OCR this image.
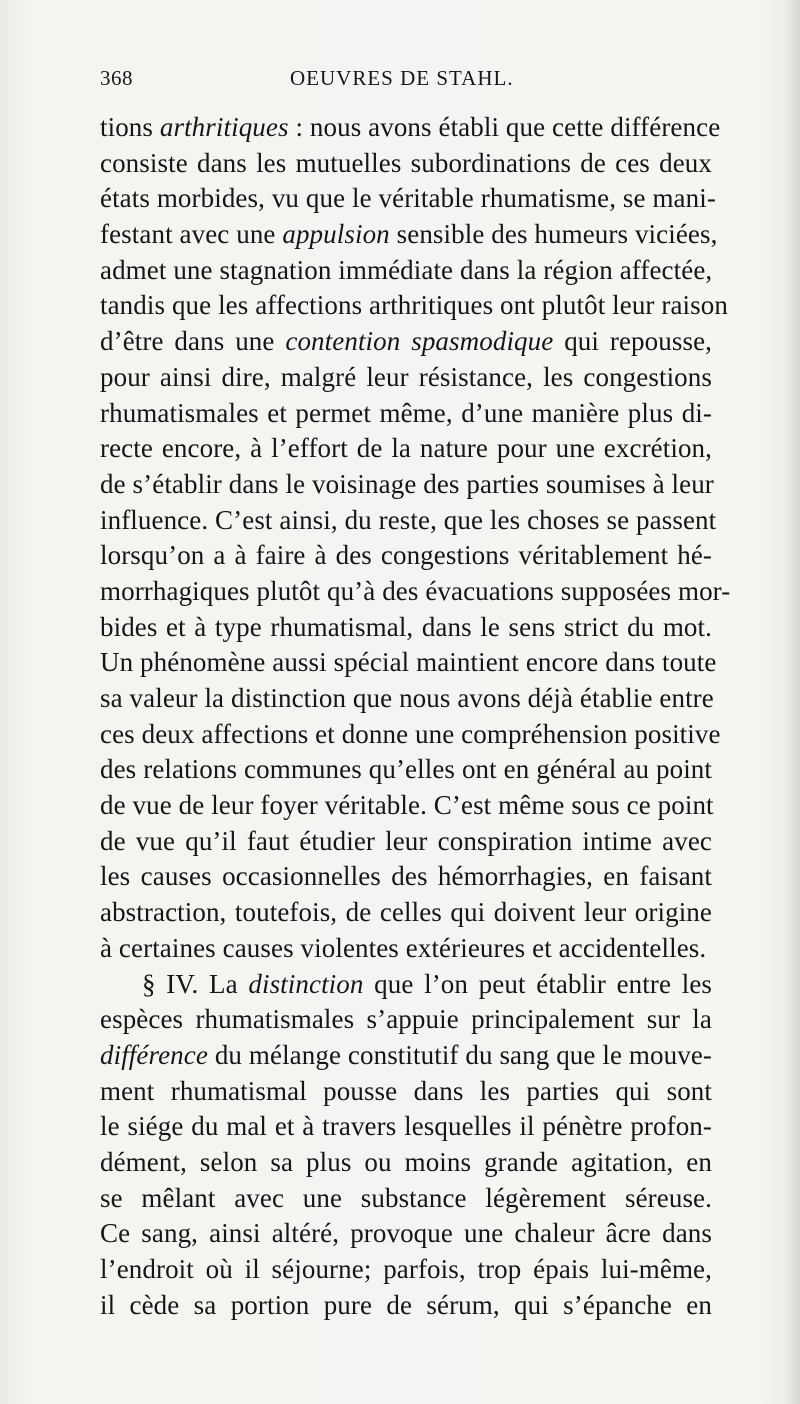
368	OEUVRES DE STAHL.
tions arthritiques : nous avons établi que cette différence
consiste dans les mutuelles subordinations de ces deux
états morbides, vu que le véritable rhumatisme, se mani-
festant avec une appulsion sensible des humeurs viciées,
admet une stagnation immédiate dans la région affectée,
tandis que les affections arthritiques ont plutôt leur raison
d’être dans une contention spasmodique qui repousse,
pour ainsi dire, malgré leur résistance, les congestions
rhumatismales et permet même, d’une manière plus di-
recte encore, à l’effort de la nature pour une excrétion,
de s’établir dans le voisinage des parties soumises à leur
influence. C’est ainsi, du reste, que les choses se passent
lorsqu’on a à faire à des congestions véritablement hé-
morrhagiques plutôt qu’à des évacuations supposées mor-
bides et à type rhumatismal, dans le sens strict du mot.
Un phénomène aussi spécial maintient encore dans toute
sa valeur la distinction que nous avons déjà établie entre
ces deux affections et donne une compréhension positive
des relations communes qu’elles ont en général au point
de vue de leur foyer véritable. C’est même sous ce point
de vue qu’il faut étudier leur conspiration intime avec
les causes occasionnelles des hémorrhagies, en faisant
abstraction, toutefois, de celles qui doivent leur origine
à certaines causes violentes extérieures et accidentelles.
§ IV. La distinction que l’on peut établir entre les
espèces rhumatismales s’appuie principalement sur la
différence du mélange constitutif du sang que le mouve-
ment rhumatismal pousse dans les parties qui sont
le siége du mal et à travers lesquelles il pénètre profon-
dément, selon sa plus ou moins grande agitation, en
se mêlant avec une substance légèrement séreuse.
Ce sang, ainsi altéré, provoque une chaleur âcre dans
l’endroit où il séjourne; parfois, trop épais lui-même,
il cède sa portion pure de sérum, qui s’épanche en
